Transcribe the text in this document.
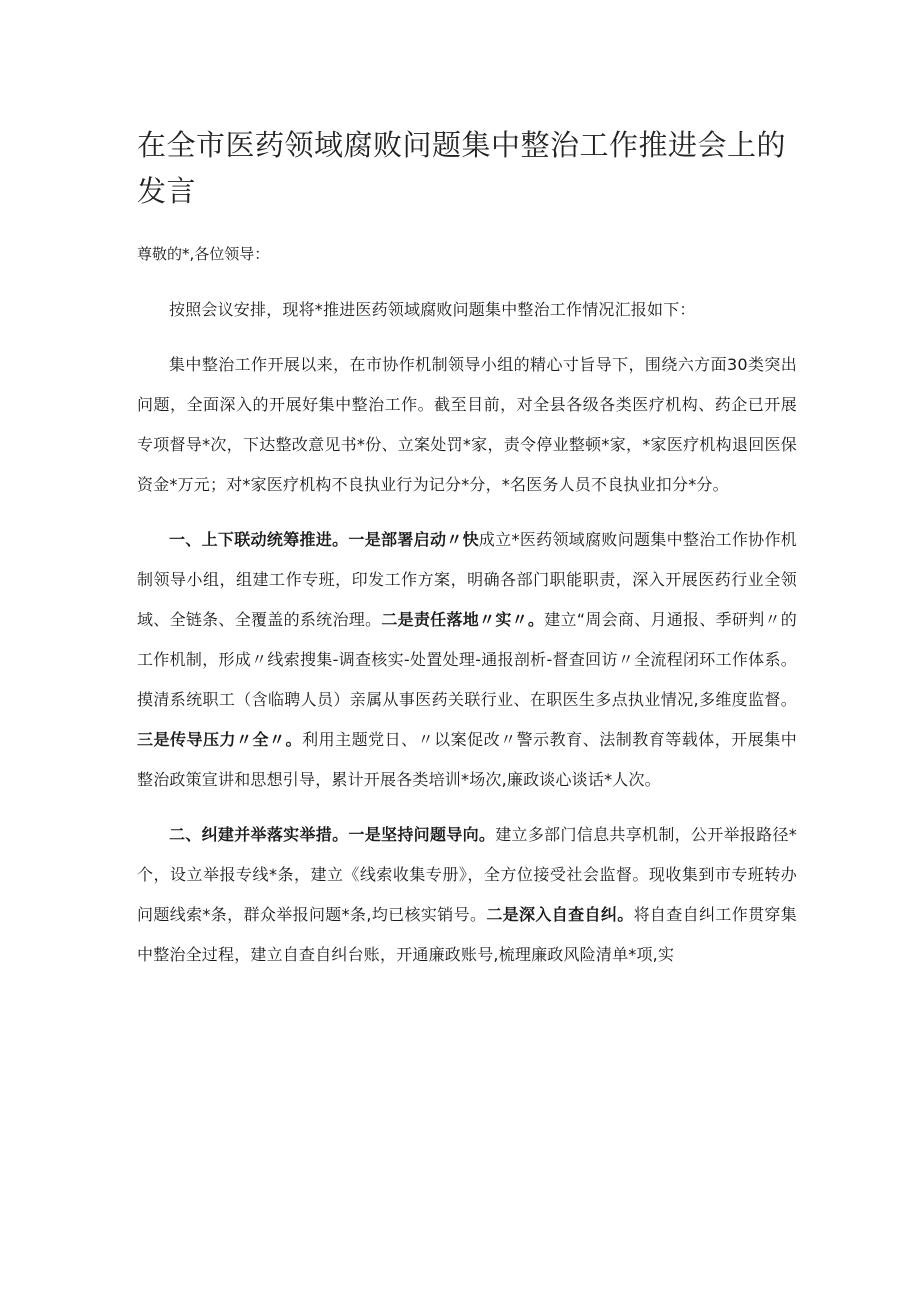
在全市医药领域腐败问题集中整治工作推进会上的发言

尊敬的*,各位领导：

按照会议安排，现将*推进医药领域腐败问题集中整治工作情况汇报如下：

集中整治工作开展以来，在市协作机制领导小组的精心寸旨导下，围绕六方面30类突出问题，全面深入的开展好集中整治工作。截至目前，对全县各级各类医疗机构、药企已开展专项督导*次，下达整改意见书*份、立案处罚*家，责令停业整顿*家，*家医疗机构退回医保资金*万元；对*家医疗机构不良执业行为记分*分，*名医务人员不良执业扣分*分。

一、上下联动统筹推进。一是部署启动〃快成立*医药领域腐败问题集中整治工作协作机制领导小组，组建工作专班，印发工作方案，明确各部门职能职责，深入开展医药行业全领域、全链条、全覆盖的系统治理。二是责任落地〃实〃。建立“周会商、月通报、季研判〃的工作机制，形成〃线索搜集-调查核实-处置处理-通报剖析-督查回访〃全流程闭环工作体系。摸清系统职工（含临聘人员）亲属从事医药关联行业、在职医生多点执业情况,多维度监督。三是传导压力〃全〃。利用主题党日、〃以案促改〃警示教育、法制教育等载体，开展集中整治政策宣讲和思想引导，累计开展各类培训*场次,廉政谈心谈话*人次。

二、纠建并举落实举措。一是坚持问题导向。建立多部门信息共享机制，公开举报路径*个，设立举报专线*条，建立《线索收集专册》，全方位接受社会监督。现收集到市专班转办问题线索*条，群众举报问题*条,均已核实销号。二是深入自查自纠。将自查自纠工作贯穿集中整治全过程，建立自查自纠台账，开通廉政账号,梳理廉政风险清单*项,实
